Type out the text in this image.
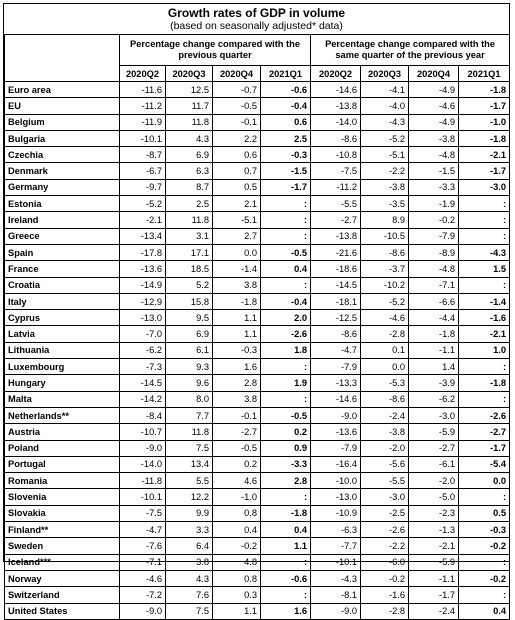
Growth rates of GDP in volume
(based on seasonally adjusted* data)
	Percentage change compared with the previous quarter				Percentage change compared with the same quarter of the previous year			
	2020Q2	2020Q3	2020Q4	2021Q1	2020Q2	2020Q3	2020Q4	2021Q1
Euro area	-11.6	12.5	-0.7	-0.6	-14.6	-4.1	-4.9	-1.8
EU	-11.2	11.7	-0.5	-0.4	-13.8	-4.0	-4.6	-1.7
Belgium	-11.9	11.8	-0.1	0.6	-14.0	-4.3	-4.9	-1.0
Bulgaria	-10.1	4.3	2.2	2.5	-8.6	-5.2	-3.8	-1.8
Czechia	-8.7	6.9	0.6	-0.3	-10.8	-5.1	-4.8	-2.1
Denmark	-6.7	6.3	0.7	-1.5	-7.5	-2.2	-1.5	-1.7
Germany	-9.7	8.7	0.5	-1.7	-11.2	-3.8	-3.3	-3.0
Estonia	-5.2	2.5	2.1	:	-5.5	-3.5	-1.9	:
Ireland	-2.1	11.8	-5.1	:	-2.7	8.9	-0.2	:
Greece	-13.4	3.1	2.7	:	-13.8	-10.5	-7.9	:
Spain	-17.8	17.1	0.0	-0.5	-21.6	-8.6	-8.9	-4.3
France	-13.6	18.5	-1.4	0.4	-18.6	-3.7	-4.8	1.5
Croatia	-14.9	5.2	3.8	:	-14.5	-10.2	-7.1	:
Italy	-12.9	15.8	-1.8	-0.4	-18.1	-5.2	-6.6	-1.4
Cyprus	-13.0	9.5	1.1	2.0	-12.5	-4.6	-4.4	-1.6
Latvia	-7.0	6.9	1.1	-2.6	-8.6	-2.8	-1.8	-2.1
Lithuania	-6.2	6.1	-0.3	1.8	-4.7	0.1	-1.1	1.0
Luxembourg	-7.3	9.3	1.6	:	-7.9	0.0	1.4	:
Hungary	-14.5	9.6	2.8	1.9	-13.3	-5.3	-3.9	-1.8
Malta	-14.2	8.0	3.8	:	-14.6	-8.6	-6.2	:
Netherlands**	-8.4	7.7	-0.1	-0.5	-9.0	-2.4	-3.0	-2.6
Austria	-10.7	11.8	-2.7	0.2	-13.6	-3.8	-5.9	-2.7
Poland	-9.0	7.5	-0.5	0.9	-7.9	-2.0	-2.7	-1.7
Portugal	-14.0	13.4	0.2	-3.3	-16.4	-5.6	-6.1	-5.4
Romania	-11.8	5.5	4.6	2.8	-10.0	-5.5	-2.0	0.0
Slovenia	-10.1	12.2	-1.0	:	-13.0	-3.0	-5.0	:
Slovakia	-7.5	9.9	0.8	-1.8	-10.9	-2.5	-2.3	0.5
Finland**	-4.7	3.3	0.4	0.4	-6.3	-2.6	-1.3	-0.3
Sweden	-7.6	6.4	-0.2	1.1	-7.7	-2.2	-2.1	-0.2
Iceland***	-7.1	3.8	4.8	:	-10.1	-6.0	-5.9	:
Norway	-4.6	4.3	0.8	-0.6	-4.3	-0.2	-1.1	-0.2
Switzerland	-7.2	7.6	0.3	:	-8.1	-1.6	-1.7	:
United States	-9.0	7.5	1.1	1.6	-9.0	-2.8	-2.4	0.4
